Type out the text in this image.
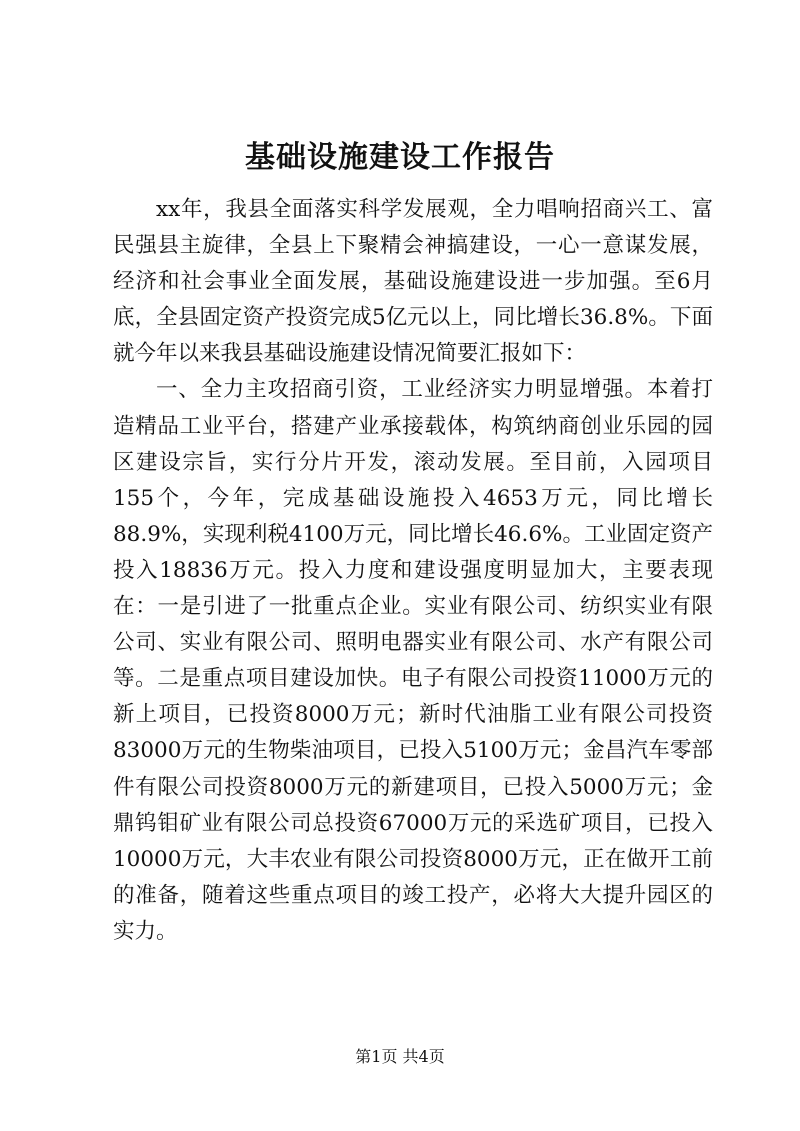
基础设施建设工作报告

xx年，我县全面落实科学发展观，全力唱响招商兴工、富民强县主旋律，全县上下聚精会神搞建设，一心一意谋发展，经济和社会事业全面发展，基础设施建设进一步加强。至6月底，全县固定资产投资完成5亿元以上，同比增长36.8%。下面就今年以来我县基础设施建设情况简要汇报如下：

一、全力主攻招商引资，工业经济实力明显增强。本着打造精品工业平台，搭建产业承接载体，构筑纳商创业乐园的园区建设宗旨，实行分片开发，滚动发展。至目前，入园项目155个，今年，完成基础设施投入4653万元，同比增长88.9%，实现利税4100万元，同比增长46.6%。工业固定资产投入18836万元。投入力度和建设强度明显加大，主要表现在：一是引进了一批重点企业。实业有限公司、纺织实业有限公司、实业有限公司、照明电器实业有限公司、水产有限公司等。二是重点项目建设加快。电子有限公司投资11000万元的新上项目，已投资8000万元；新时代油脂工业有限公司投资83000万元的生物柴油项目，已投入5100万元；金昌汽车零部件有限公司投资8000万元的新建项目，已投入5000万元；金鼎钨钼矿业有限公司总投资67000万元的采选矿项目，已投入10000万元，大丰农业有限公司投资8000万元，正在做开工前的准备，随着这些重点项目的竣工投产，必将大大提升园区的实力。

第1页 共4页
